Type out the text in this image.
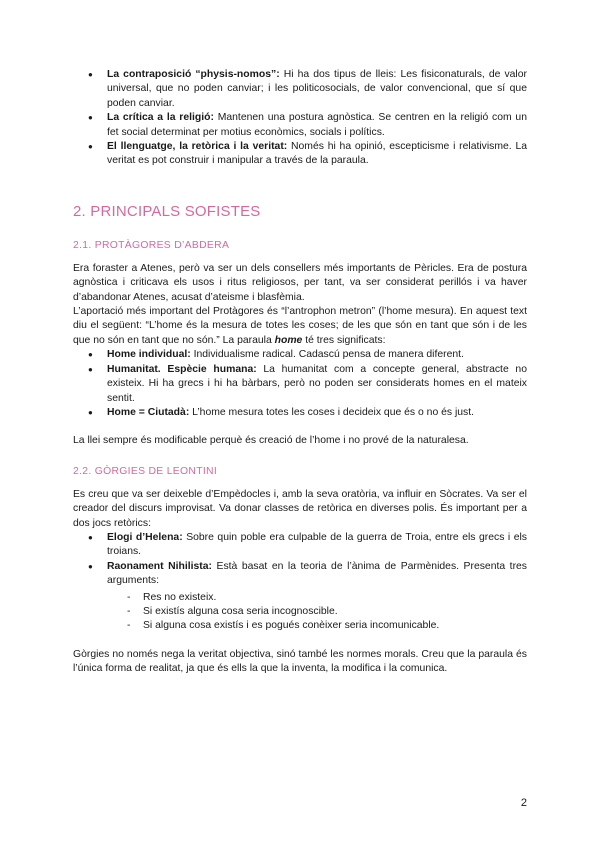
● La contraposició “physis-nomos”: Hi ha dos tipus de lleis: Les fisiconaturals, de valor universal, que no poden canviar; i les politicosocials, de valor convencional, que sí que poden canviar.
● La crítica a la religió: Mantenen una postura agnòstica. Se centren en la religió com un fet social determinat per motius econòmics, socials i polítics.
● El llenguatge, la retòrica i la veritat: Només hi ha opinió, escepticisme i relativisme. La veritat es pot construir i manipular a través de la paraula.
2. PRINCIPALS SOFISTES
2.1. PROTÀGORES D’ABDERA

Era foraster a Atenes, però va ser un dels consellers més importants de Pèricles. Era de postura agnòstica i criticava els usos i ritus religiosos, per tant, va ser considerat perillós i va haver d’abandonar Atenes, acusat d’ateisme i blasfèmia.

L’aportació més important del Protàgores és “l’antrophon metron” (l’home mesura). En aquest text diu el següent: “L’home és la mesura de totes les coses; de les que són en tant que són i de les que no són en tant que no són.” La paraula home té tres significats:

● Home individual: Individualisme radical. Cadascú pensa de manera diferent.
● Humanitat. Espècie humana: La humanitat com a concepte general, abstracte no existeix. Hi ha grecs i hi ha bàrbars, però no poden ser considerats homes en el mateix sentit.
● Home = Ciutadà: L’home mesura totes les coses i decideix que és o no és just.

La llei sempre és modificable perquè és creació de l’home i no prové de la naturalesa.

2.2. GÒRGIES DE LEONTINI

Es creu que va ser deixeble d’Empèdocles i, amb la seva oratòria, va influir en Sòcrates. Va ser el creador del discurs improvisat. Va donar classes de retòrica en diverses polis. És important per a dos jocs retòrics:

● Elogi d’Helena: Sobre quin poble era culpable de la guerra de Troia, entre els grecs i els troians.
● Raonament Nihilista: Està basat en la teoria de l’ànima de Parmènides. Presenta tres arguments:
- Res no existeix.
- Si existís alguna cosa seria incognoscible.
- Si alguna cosa existís i es pogués conèixer seria incomunicable.

Gòrgies no només nega la veritat objectiva, sinó també les normes morals. Creu que la paraula és l’única forma de realitat, ja que és ells la que la inventa, la modifica i la comunica.

2
